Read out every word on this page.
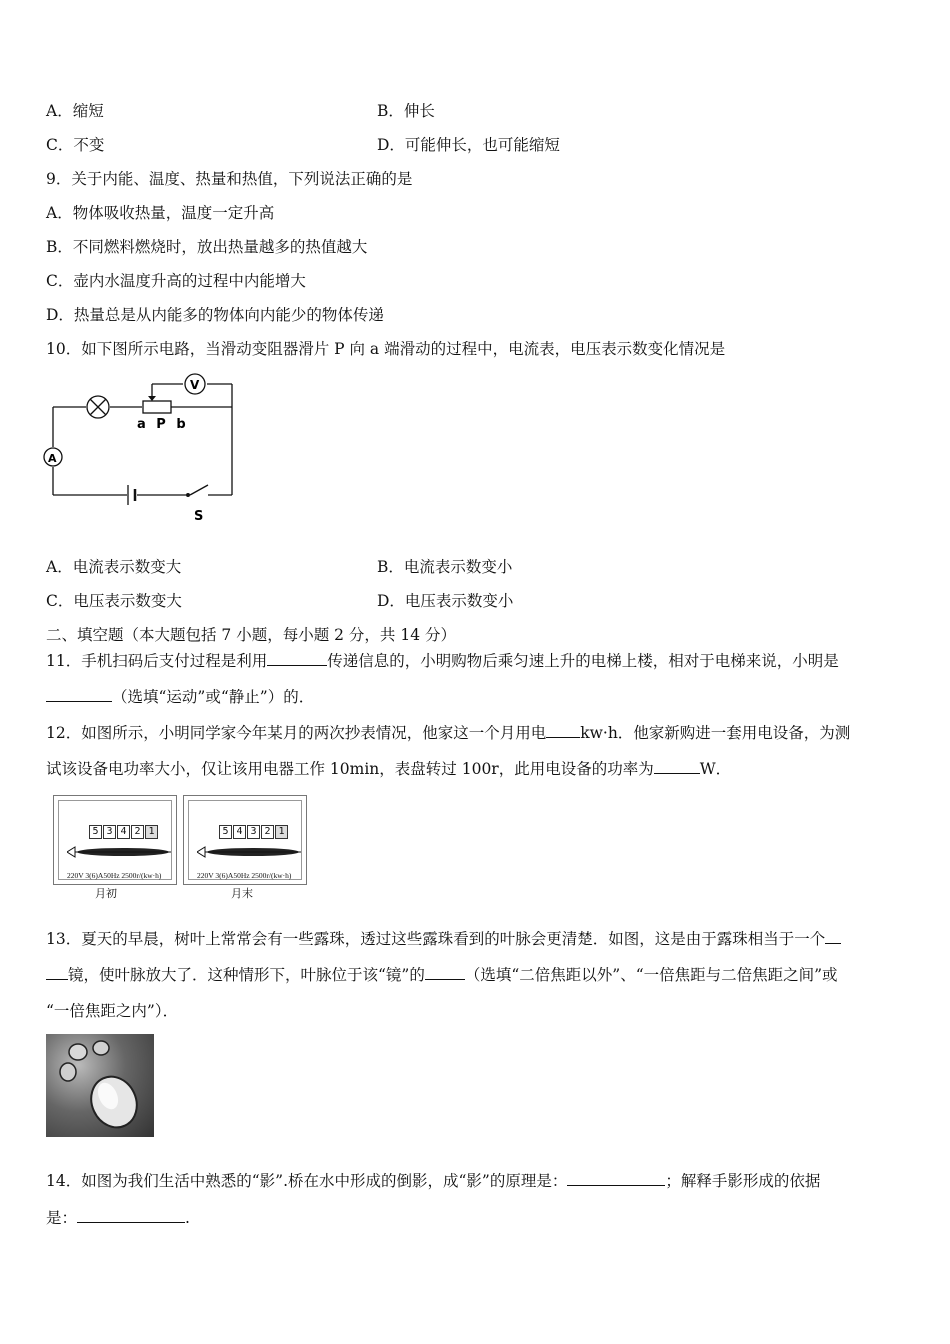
A．缩短	B．伸长
C．不变	D．可能伸长，也可能缩短
9．关于内能、温度、热量和热值，下列说法正确的是
A．物体吸收热量，温度一定升高
B．不同燃料燃烧时，放出热量越多的热值越大
C．壶内水温度升高的过程中内能增大
D．热量总是从内能多的物体向内能少的物体传递
10．如下图所示电路，当滑动变阻器滑片 P 向 a 端滑动的过程中，电流表，电压表示数变化情况是
a P b
V
A
S
A．电流表示数变大	B．电流表示数变小
C．电压表示数变大	D．电压表示数变小
二、填空题（本大题包括 7 小题，每小题 2 分，共 14 分）
11．手机扫码后支付过程是利用	传递信息的，小明购物后乘匀速上升的电梯上楼，相对于电梯来说，小明是
（选填“运动”或“静止”）的．
12．如图所示，小明同学家今年某月的两次抄表情况，他家这一个月用电 kw·h．他家新购进一套用电设备，为测
试该设备电功率大小，仅让该用电器工作 10min，表盘转过 100r，此用电设备的功率为	W．
5 3 4 2 1
220V 3(6)A50Hz 2500r/(kw·h)
月初
5 4 3 2 1
220V 3(6)A50Hz 2500r/(kw·h)
月末
13．夏天的早晨，树叶上常常会有一些露珠，透过这些露珠看到的叶脉会更清楚．如图，这是由于露珠相当于一个
镜，使叶脉放大了．这种情形下，叶脉位于该“镜”的	（选填“二倍焦距以外”、“一倍焦距与二倍焦距之间”或
“一倍焦距之内”）．
14．如图为我们生活中熟悉的“影”.桥在水中形成的倒影，成“影”的原理是：	；解释手影形成的依据
是：	.
